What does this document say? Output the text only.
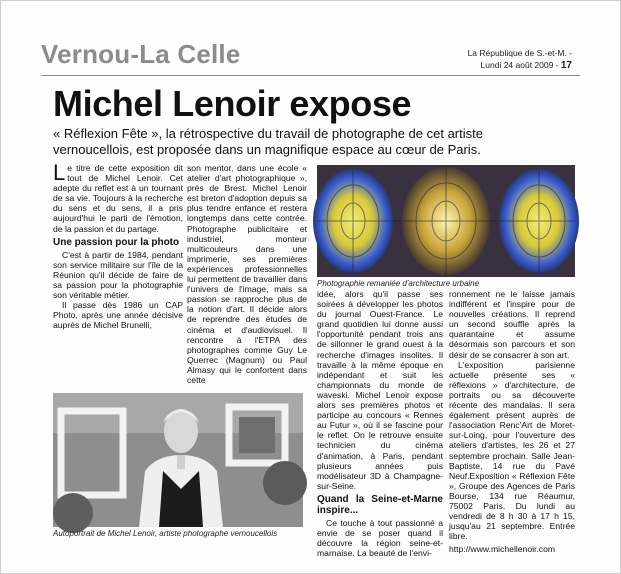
Vernou-La Celle	La République de S.-et-M. -
Lundi 24 août 2009 - 17
Michel Lenoir expose
« Réflexion Fête », la rétrospective du travail de photographe de cet artiste vernoucellois, est proposée dans un magnifique espace au cœur de Paris.

Le titre de cette exposition dit tout de Michel Lenoir. Cet adepte du reflet est à un tournant de sa vie. Toujours à la recherche du sens et du sens, il a pris aujourd'hui le parti de l'émotion, de la passion et du partage.

Une passion pour la photo

C'est à partir de 1984, pendant son service militaire sur l'île de la Réunion qu'il décide de faire de sa passion pour la photographie son véritable métier.

Il passe dès 1986 un CAP Photo, après une année décisive auprès de Michel Brunelli,

son mentor, dans une école « atelier d'art photographique », près de Brest. Michel Lenoir est breton d'adoption depuis sa plus tendre enfance et restera longtemps dans cette contrée. Photographe publicitaire et industriel, monteur multicouleurs dans une imprimerie, ses premières expériences professionnelles lui permettent de travailler dans l'univers de l'image, mais sa passion se rapproche plus de la notion d'art. Il décide alors de reprendre des études de cinéma et d'audiovisuel. Il rencontre à l'ETPA des photographes comme Guy Le Querrec (Magnum) ou Paul Almasy qui le confortent dans cette

Photographie remaniée d'architecture urbaine

idée, alors qu'il passe ses soirées à développer les photos du journal Ouest-France. Le grand quotidien lui donne aussi l'opportunité pendant trois ans de sillonner le grand ouest à la recherche d'images insolites. Il travaille à la même époque en indépendant et suit les championnats du monde de waveski. Michel Lenoir expose alors ses premières photos et participe au concours « Rennes au Futur », où il se fascine pour le reflet. On le retrouve ensuite technicien du cinéma d'animation, à Paris, pendant plusieurs années puis modélisateur 3D à Champagne-sur-Seine.

Quand la Seine-et-Marne inspire...

Ce touche à tout passionné a envie de se poser quand il découvre la région seine-et-marnaise. La beauté de l'envi-

ronnement ne le laisse jamais indifférent et l'inspire pour de nouvelles créations. Il reprend un second souffle après la quarantaine et assume désormais son parcours et son désir de se consacrer à son art.

L'exposition parisienne actuelle présente ses « réflexions » d'architecture, de portraits ou sa découverte récente des mandalas. Il sera également présent auprès de l'association Renc'Art de Moret-sur-Loing, pour l'ouverture des ateliers d'artistes, les 26 et 27 septembre prochain. Salle Jean-Baptiste, 14 rue du Pavé Neuf.Exposition « Réflexion Fête », Groupe des Agences de Paris Bourse, 134 rue Réaumur, 75002 Paris. Du lundi au vendredi de 8 h 30 à 17 h 15, jusqu'au 21 septembre. Entrée libre.

http://www.michellenoir.com

Autoportrait de Michel Lenoir, artiste photographe vernoucellois
